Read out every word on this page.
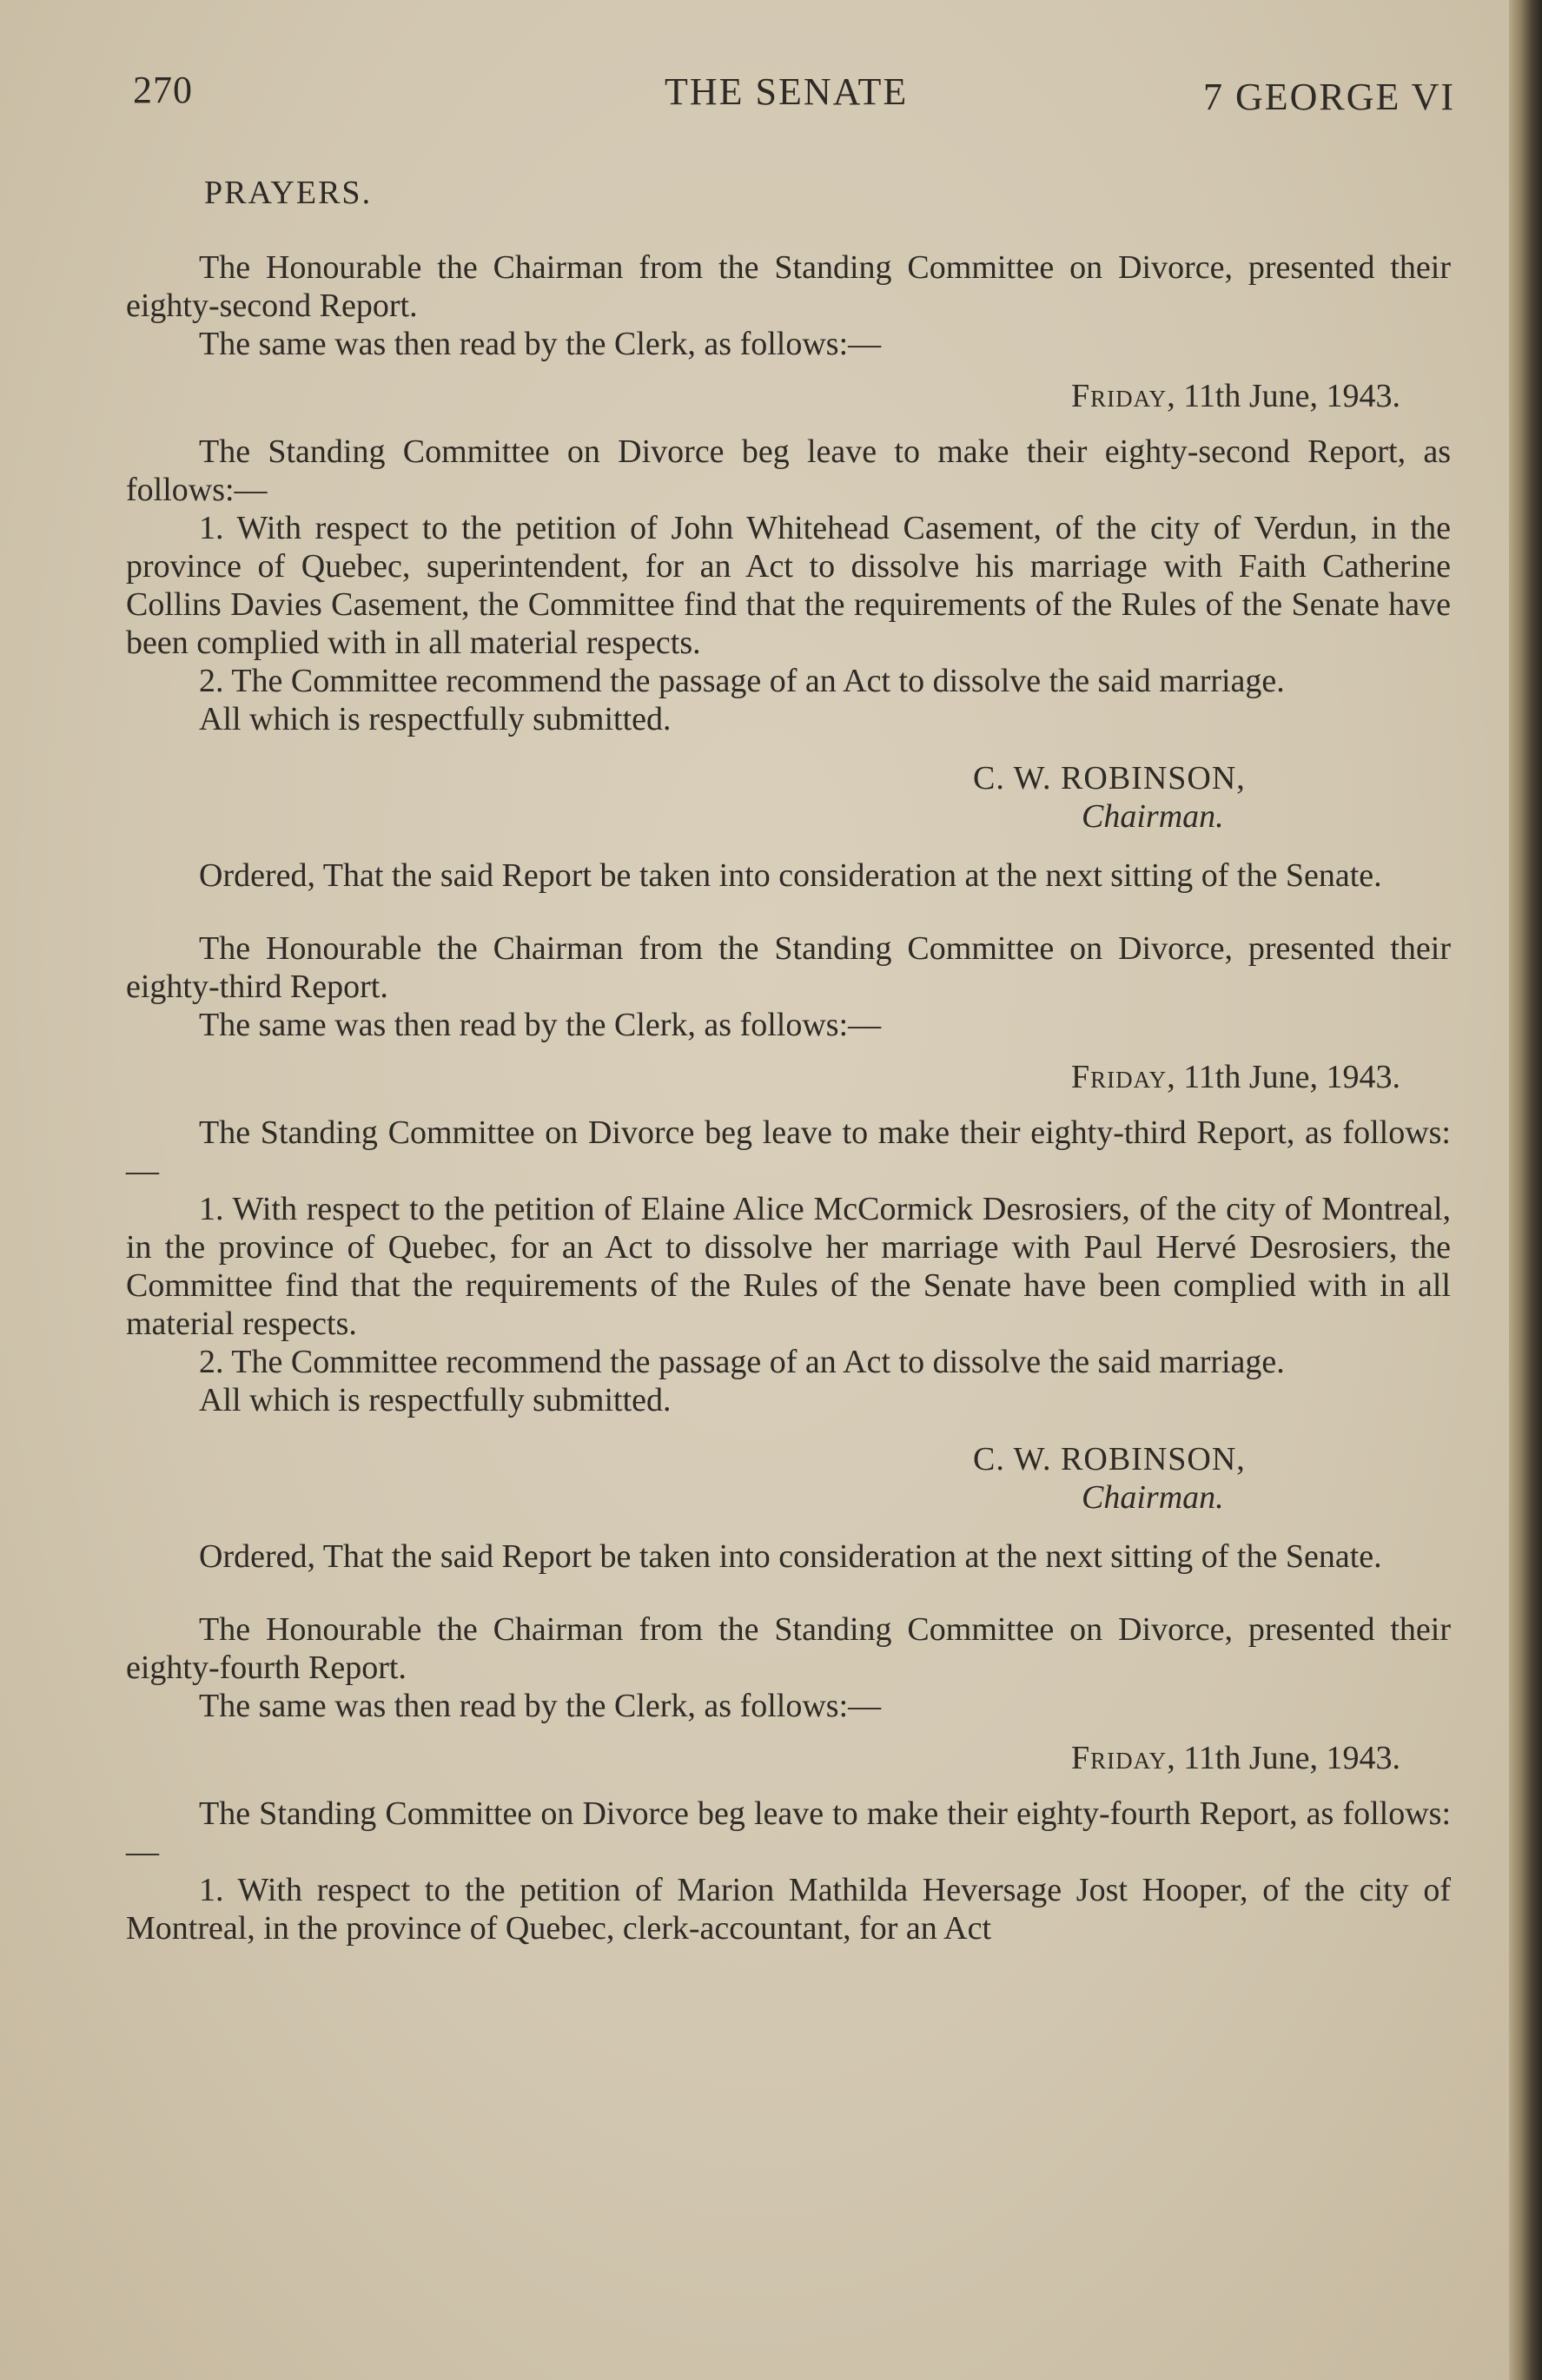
270	THE SENATE	7 GEORGE VI
PRAYERS.

The Honourable the Chairman from the Standing Committee on Divorce, presented their eighty-second Report.

The same was then read by the Clerk, as follows:—

Friday, 11th June, 1943.

The Standing Committee on Divorce beg leave to make their eighty-second Report, as follows:—

1. With respect to the petition of John Whitehead Casement, of the city of Verdun, in the province of Quebec, superintendent, for an Act to dissolve his marriage with Faith Catherine Collins Davies Casement, the Committee find that the requirements of the Rules of the Senate have been complied with in all material respects.

2. The Committee recommend the passage of an Act to dissolve the said marriage.

All which is respectfully submitted.

C. W. ROBINSON,
Chairman.

Ordered, That the said Report be taken into consideration at the next sitting of the Senate.

The Honourable the Chairman from the Standing Committee on Divorce, presented their eighty-third Report.

The same was then read by the Clerk, as follows:—

Friday, 11th June, 1943.

The Standing Committee on Divorce beg leave to make their eighty-third Report, as follows:—

1. With respect to the petition of Elaine Alice McCormick Desrosiers, of the city of Montreal, in the province of Quebec, for an Act to dissolve her marriage with Paul Hervé Desrosiers, the Committee find that the requirements of the Rules of the Senate have been complied with in all material respects.

2. The Committee recommend the passage of an Act to dissolve the said marriage.

All which is respectfully submitted.

C. W. ROBINSON,
Chairman.

Ordered, That the said Report be taken into consideration at the next sitting of the Senate.

The Honourable the Chairman from the Standing Committee on Divorce, presented their eighty-fourth Report.

The same was then read by the Clerk, as follows:—

Friday, 11th June, 1943.

The Standing Committee on Divorce beg leave to make their eighty-fourth Report, as follows:—

1. With respect to the petition of Marion Mathilda Heversage Jost Hooper, of the city of Montreal, in the province of Quebec, clerk-accountant, for an Act
